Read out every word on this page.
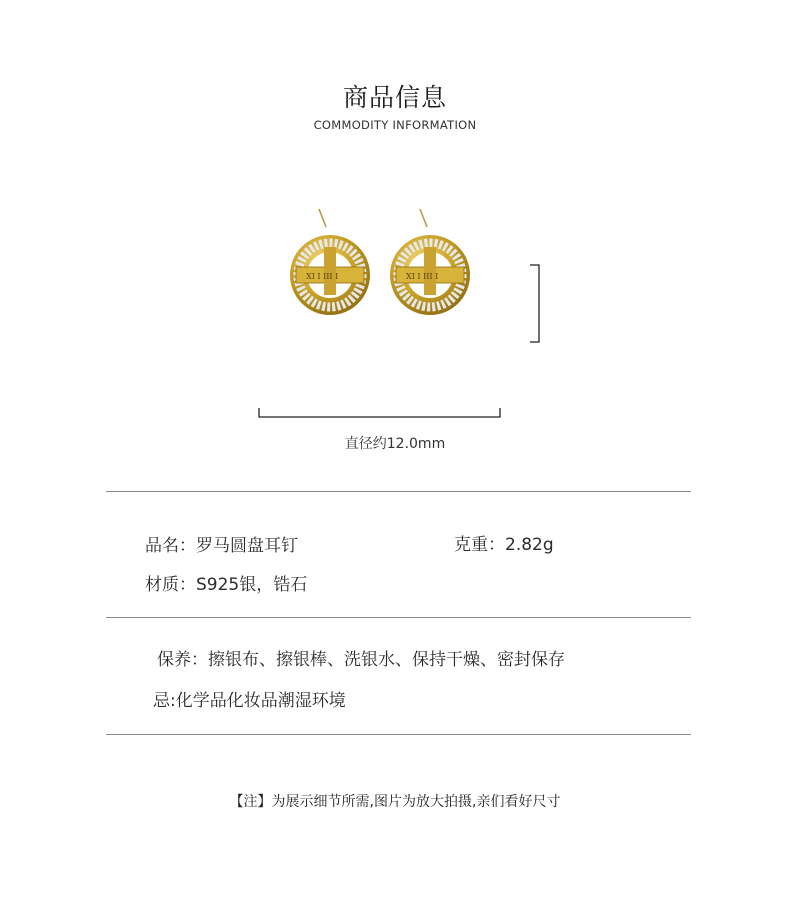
商品信息
COMMODITY INFORMATION
XI I III I	XI I III I
直径约12.0mm
品名：罗马圆盘耳钉	克重：2.82g
材质：S925银，锆石
保养：擦银布、擦银棒、洗银水、保持干燥、密封保存
忌:化学品化妆品潮湿环境
【注】为展示细节所需,图片为放大拍摄,亲们看好尺寸
